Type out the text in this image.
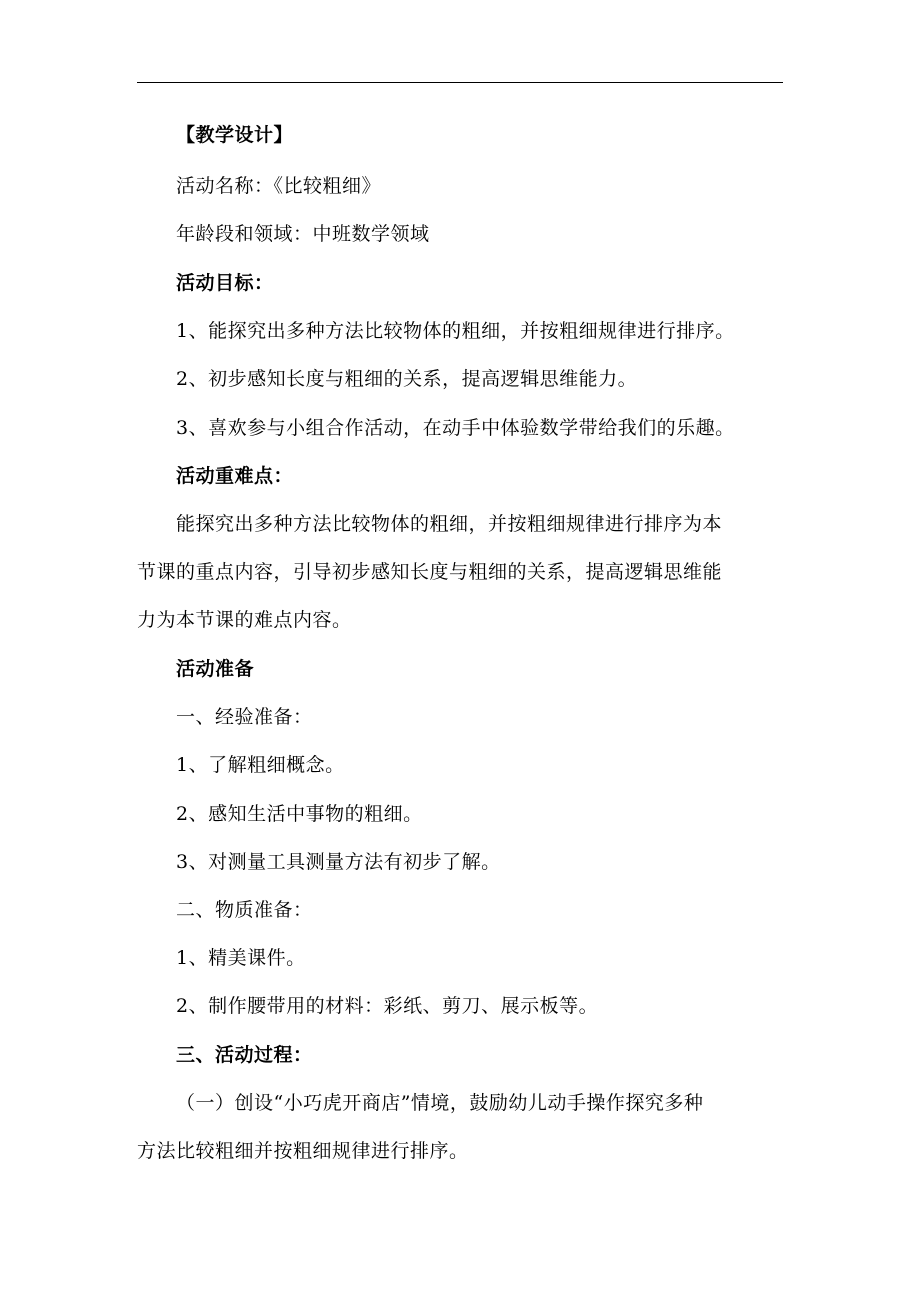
【教学设计】
活动名称：《比较粗细》
年龄段和领域：中班数学领域
活动目标：
1、能探究出多种方法比较物体的粗细，并按粗细规律进行排序。
2、初步感知长度与粗细的关系，提高逻辑思维能力。
3、喜欢参与小组合作活动，在动手中体验数学带给我们的乐趣。
活动重难点：
能探究出多种方法比较物体的粗细，并按粗细规律进行排序为本
节课的重点内容，引导初步感知长度与粗细的关系，提高逻辑思维能
力为本节课的难点内容。
活动准备
一、经验准备：
1、了解粗细概念。
2、感知生活中事物的粗细。
3、对测量工具测量方法有初步了解。
二、物质准备：
1、精美课件。
2、制作腰带用的材料：彩纸、剪刀、展示板等。
三、活动过程：
（一）创设“小巧虎开商店”情境，鼓励幼儿动手操作探究多种
方法比较粗细并按粗细规律进行排序。
